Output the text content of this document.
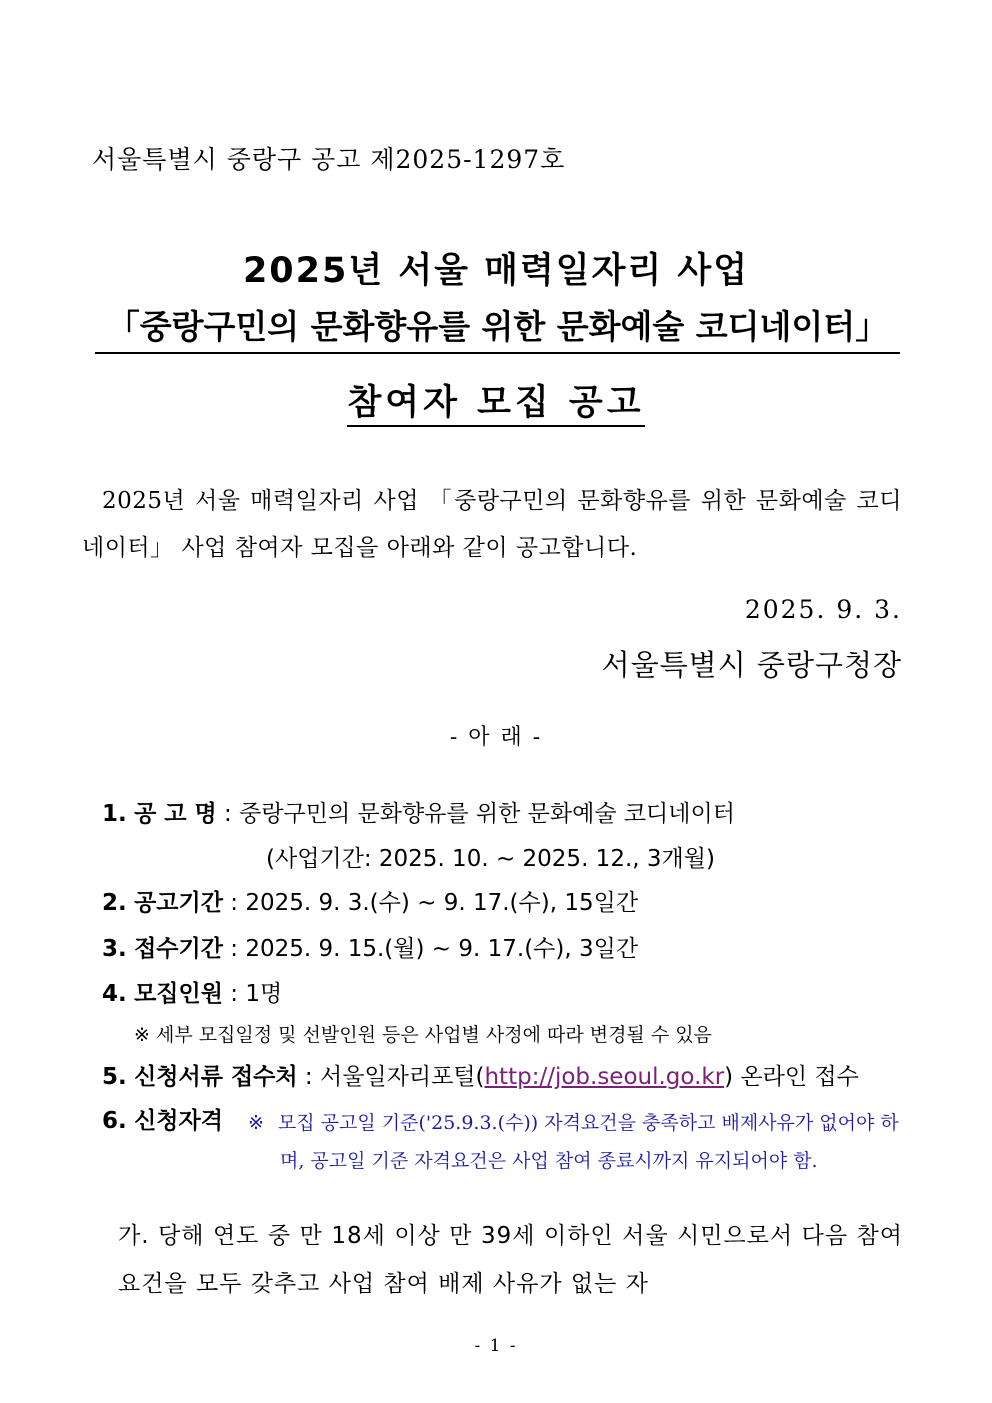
서울특별시 중랑구 공고 제2025-1297호
2025년 서울 매력일자리 사업
「중랑구민의 문화향유를 위한 문화예술 코디네이터」
참여자 모집 공고
2025년 서울 매력일자리 사업 「중랑구민의 문화향유를 위한 문화예술 코디네이터」 사업 참여자 모집을 아래와 같이 공고합니다.
2025. 9. 3.
서울특별시 중랑구청장
- 아 래 -
1. 공 고 명 : 중랑구민의 문화향유를 위한 문화예술 코디네이터
(사업기간: 2025. 10. ~ 2025. 12., 3개월)
2. 공고기간 : 2025. 9. 3.(수) ~ 9. 17.(수), 15일간
3. 접수기간 : 2025. 9. 15.(월) ~ 9. 17.(수), 3일간
4. 모집인원 : 1명
※ 세부 모집일정 및 선발인원 등은 사업별 사정에 따라 변경될 수 있음
5. 신청서류 접수처 : 서울일자리포털(http://job.seoul.go.kr) 온라인 접수
6. 신청자격 ※ 모집 공고일 기준('25.9.3.(수)) 자격요건을 충족하고 배제사유가 없어야 하며, 공고일 기준 자격요건은 사업 참여 종료시까지 유지되어야 함.
가. 당해 연도 중 만 18세 이상 만 39세 이하인 서울 시민으로서 다음 참여요건을 모두 갖추고 사업 참여 배제 사유가 없는 자
- 1 -
